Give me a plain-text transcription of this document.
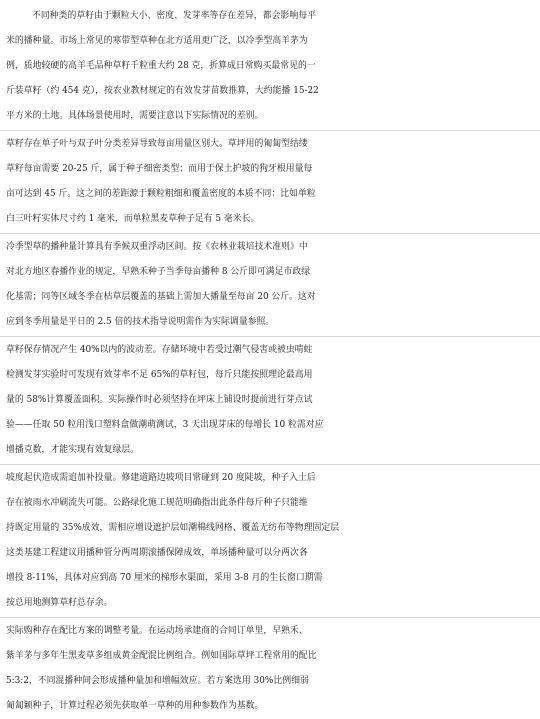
不同种类的草籽由于颗粒大小、密度、发芽率等存在差异，都会影响每平
米的播种量。市场上常见的寒带型草种在北方适用更广泛，以冷季型高羊茅为
例，质地较硬的高羊毛品种草籽千粒重大约 28 克，折算成日常购买最常见的一
斤装草籽（约 454 克），按农业教材规定的有效发芽苗数推算，大约能播 15-22
平方米的土地。具体场景使用时，需要注意以下实际情况的差别。
草籽存在单子叶与双子叶分类差异导致每亩用量区别大。草坪用的匍匐型结缕
草籽每亩需要 20-25 斤，属于种子细密类型；而用于保土护坡的狗牙根用量每
亩可达到 45 斤。这之间的差距源于颗粒粗细和覆盖密度的本质不同：比如单粒
白三叶籽实体尺寸约 1 毫米，而单粒黑麦草种子足有 5 毫米长。
冷季型草的播种量计算具有季候双重浮动区间。按《农林业栽培技术准则》中
对北方地区春播作业的规定，早熟禾种子当季每亩播种 8 公斤即可满足市政绿
化基需；同等区域冬季在枯草层覆盖的基础上需加大播量至每亩 20 公斤。这对
应到冬季用量是平日的 2.5 倍的技术指导说明需作为实际调量参照。
草籽保存情况产生 40%以内的波动差。存储环境中若受过潮气侵害或被虫啃蛀
检测发芽实验时可发现有效芽率不足 65%的草籽包，每斤只能按照理论最高用
量的 58%计算覆盖面积。实际操作时必须坚持在坪床上铺设时提前进行芽点试
验——任取 50 粒用浅口塑料盒做潮萌测试，3 天出现芽床的每增长 10 粒需对应
增播克数，才能实现有效复绿层。
坡度起伏造成需追加补投量。修建道路边坡项目常碰到 20 度陡坡，种子入土后
存在被雨水冲刷流失可能。公路绿化施工规范明确指出此条件每斤种子只能维
持既定用量的 35%成效，需相应增设遮护层如潮棉线网格、覆盖无纺布等物理固定层
这类基建工程建议用播种管分两周期滚播保障成效，单场播种量可以分两次各
增投 8-11%，具体对应到高 70 厘米的梯形水渠面，采用 3-8 月的生长窗口期需
按总用地测算草籽总存余。
实际购种存在配比方案的调整考量。在运动场承建商的合同订单里，早熟禾、
紫羊茅与多年生黑麦草多组成黄金配混比例组合。例如国际草坪工程常用的配比
5:3:2，不同混播种间会形成播种量加和增幅效应。若方案选用 30%比例细弱
匍匐颖种子，计算过程必须先获取单一草种的用种参数作为基数。
